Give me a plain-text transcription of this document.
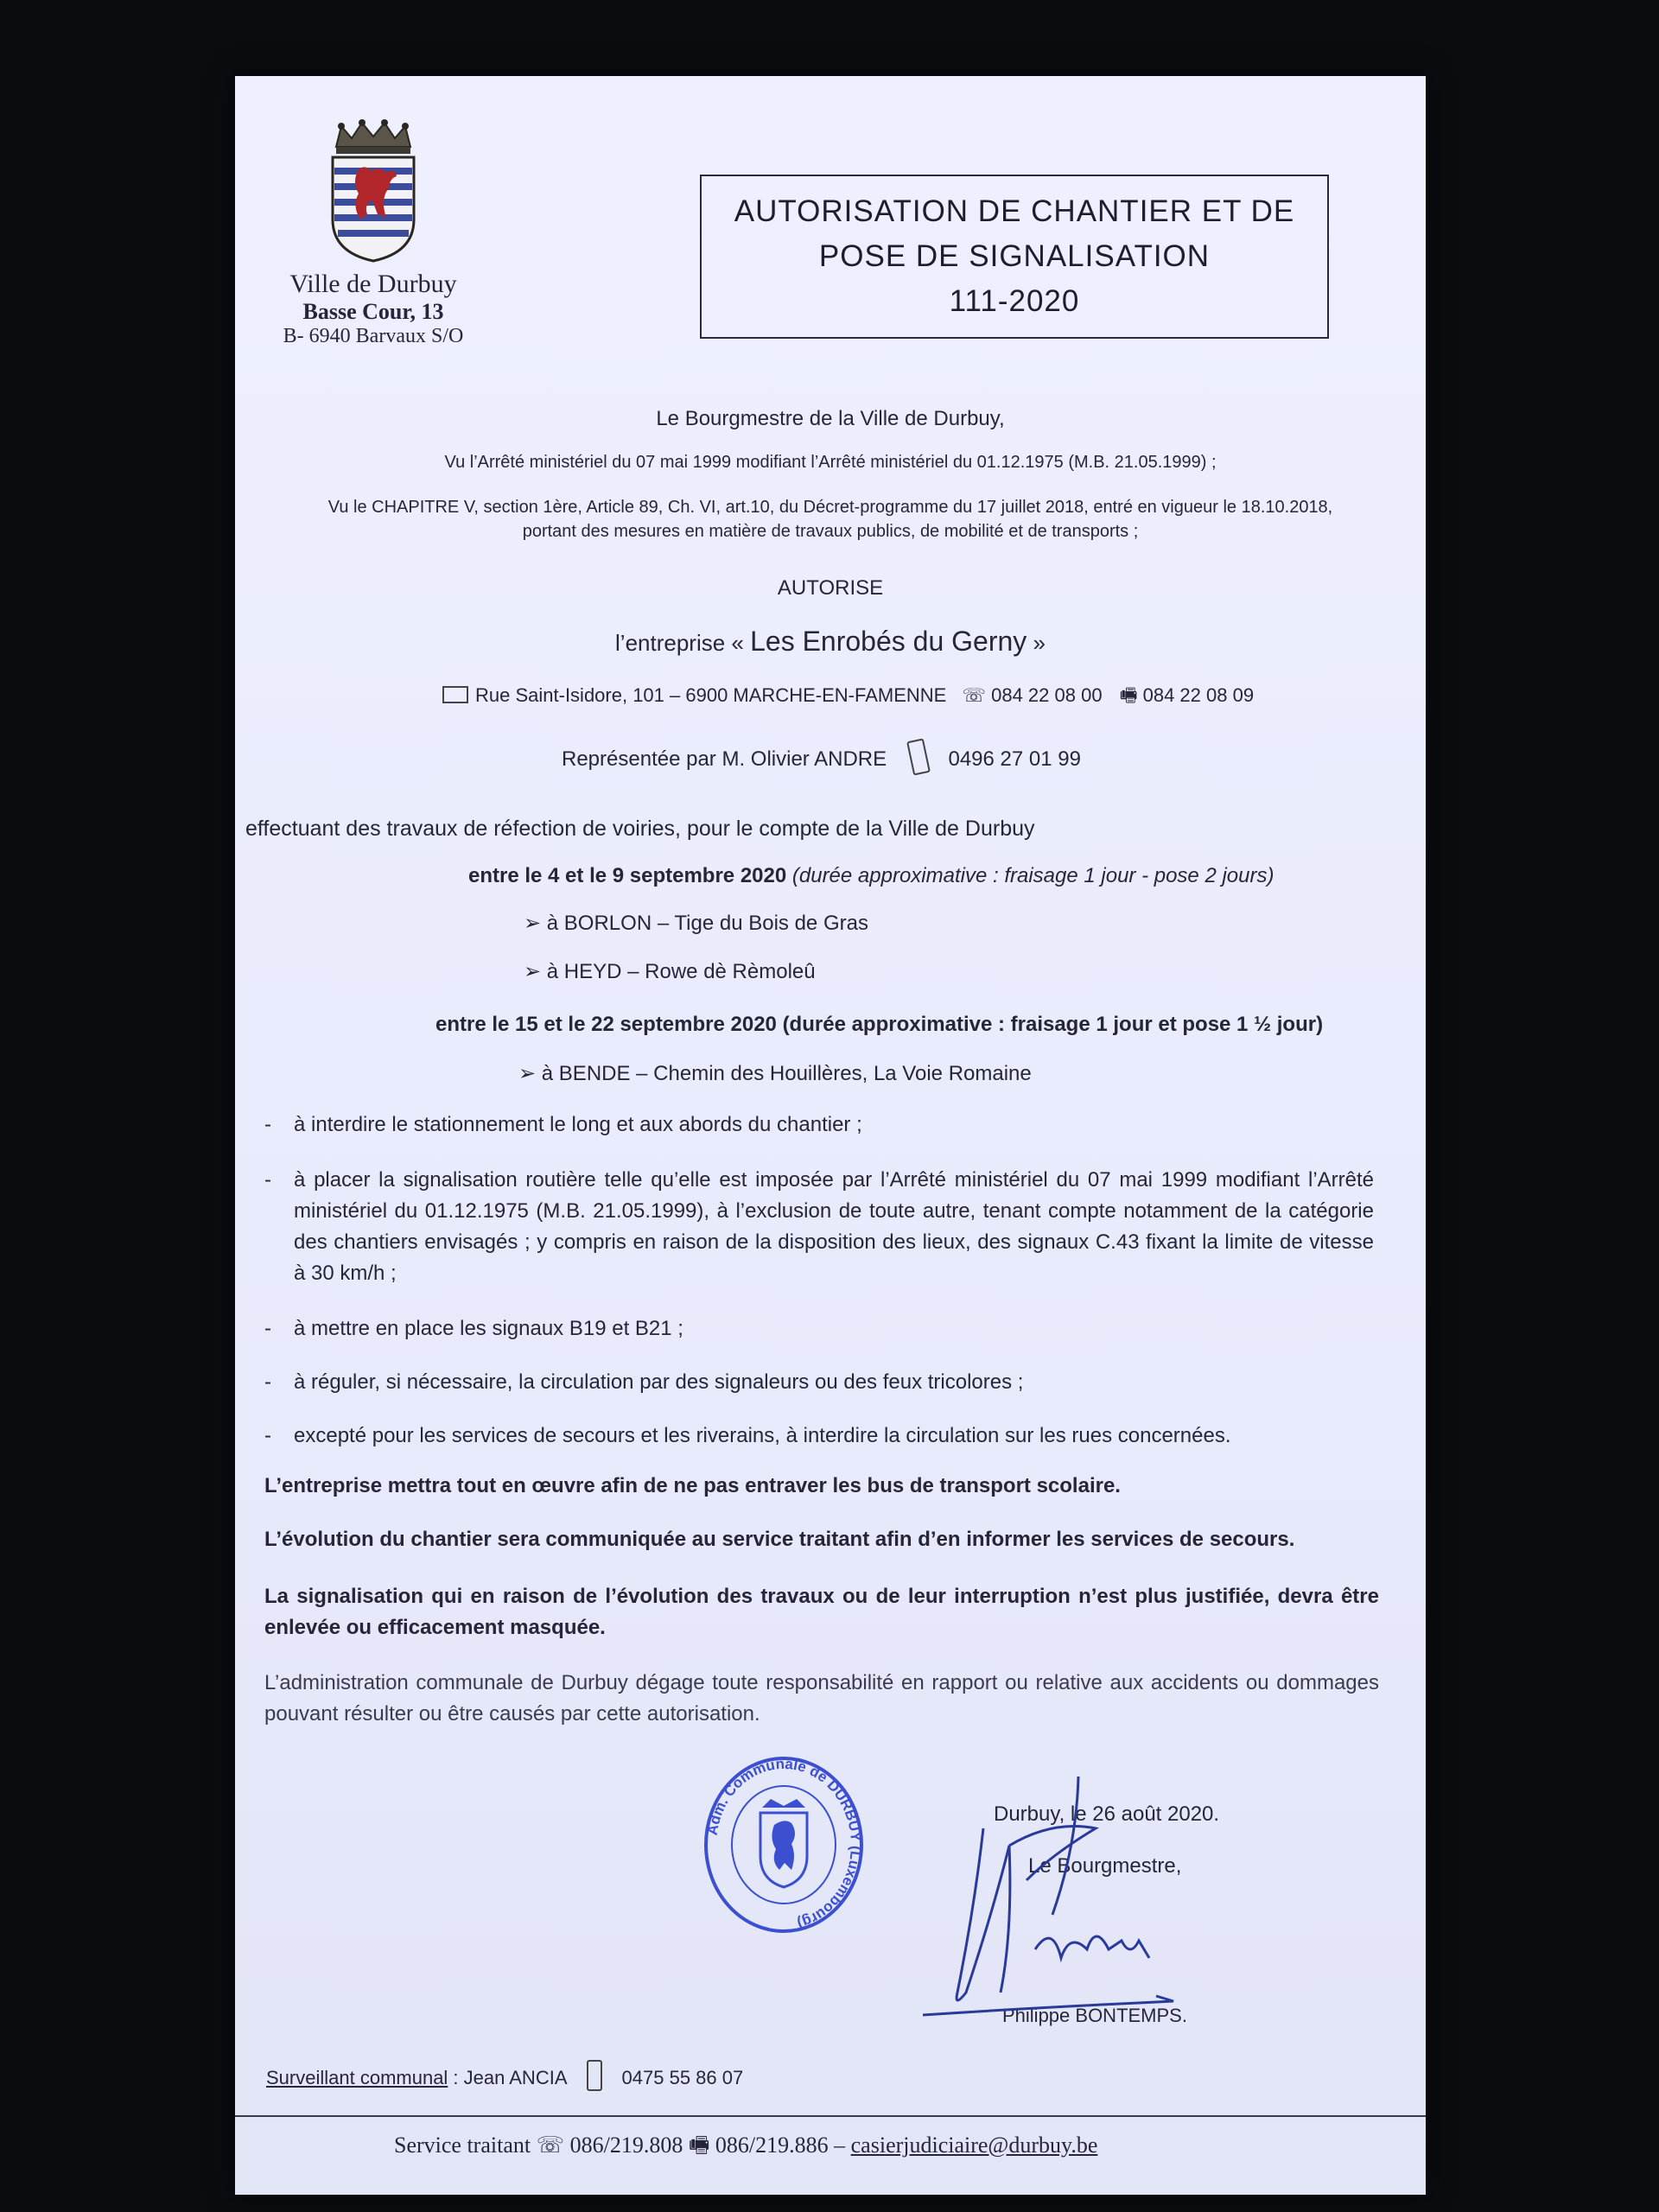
Ville de Durbuy
Basse Cour, 13
B- 6940 Barvaux S/O
AUTORISATION DE CHANTIER ET DE
POSE DE SIGNALISATION
111-2020
Le Bourgmestre de la Ville de Durbuy,
Vu l’Arrêté ministériel du 07 mai 1999 modifiant l’Arrêté ministériel du 01.12.1975 (M.B. 21.05.1999) ;
Vu le CHAPITRE V, section 1ère, Article 89, Ch. VI, art.10, du Décret-programme du 17 juillet 2018, entré en vigueur le 18.10.2018,
portant des mesures en matière de travaux publics, de mobilité et de transports ;
AUTORISE
l’entreprise « Les Enrobés du Gerny »
Rue Saint-Isidore, 101 – 6900 MARCHE-EN-FAMENNE ☏ 084 22 08 00 🖷 084 22 08 09
Représentée par M. Olivier ANDRE	0496 27 01 99
effectuant des travaux de réfection de voiries, pour le compte de la Ville de Durbuy
entre le 4 et le 9 septembre 2020 (durée approximative : fraisage 1 jour - pose 2 jours)
➢ à BORLON – Tige du Bois de Gras
➢ à HEYD – Rowe dè Rèmoleû
entre le 15 et le 22 septembre 2020 (durée approximative : fraisage 1 jour et pose 1 ½ jour)
➢ à BENDE – Chemin des Houillères, La Voie Romaine
- à interdire le stationnement le long et aux abords du chantier ;
- à placer la signalisation routière telle qu’elle est imposée par l’Arrêté ministériel du 07 mai 1999 modifiant l’Arrêté ministériel du 01.12.1975 (M.B. 21.05.1999), à l’exclusion de toute autre, tenant compte notamment de la catégorie des chantiers envisagés ; y compris en raison de la disposition des lieux, des signaux C.43 fixant la limite de vitesse à 30 km/h ;
- à mettre en place les signaux B19 et B21 ;
- à réguler, si nécessaire, la circulation par des signaleurs ou des feux tricolores ;
- excepté pour les services de secours et les riverains, à interdire la circulation sur les rues concernées.
L’entreprise mettra tout en œuvre afin de ne pas entraver les bus de transport scolaire.
L’évolution du chantier sera communiquée au service traitant afin d’en informer les services de secours.
La signalisation qui en raison de l’évolution des travaux ou de leur interruption n’est plus justifiée, devra être enlevée ou efficacement masquée.
L’administration communale de Durbuy dégage toute responsabilité en rapport ou relative aux accidents ou dommages pouvant résulter ou être causés par cette autorisation.
Adm. Communale de DURBUY (Luxembourg)
Durbuy, le 26 août 2020.
Le Bourgmestre,
Philippe BONTEMPS.
Surveillant communal : Jean ANCIA	0475 55 86 07
Service traitant ☏ 086/219.808 🖷 086/219.886 – casierjudiciaire@durbuy.be
